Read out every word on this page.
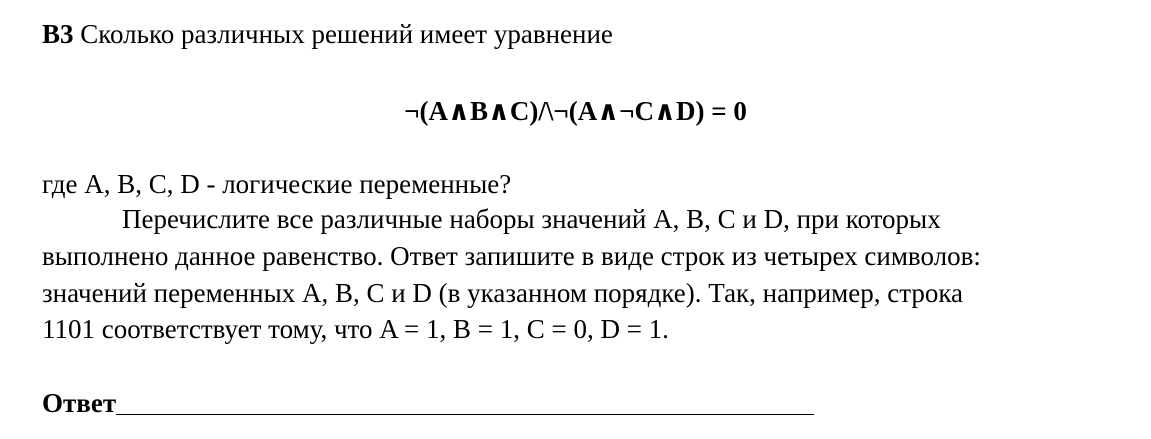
B3 Сколько различных решений имеет уравнение
¬(A∧B∧C)/\¬(A∧¬C∧D) = 0
где A, B, C, D - логические переменные?
Перечислите все различные наборы значений A, B, C и D, при которых
выполнено данное равенство. Ответ запишите в виде строк из четырех символов:
значений переменных A, B, C и D (в указанном порядке). Так, например, строка
1101 соответствует тому, что A = 1, B = 1, C = 0, D = 1.
Ответ
